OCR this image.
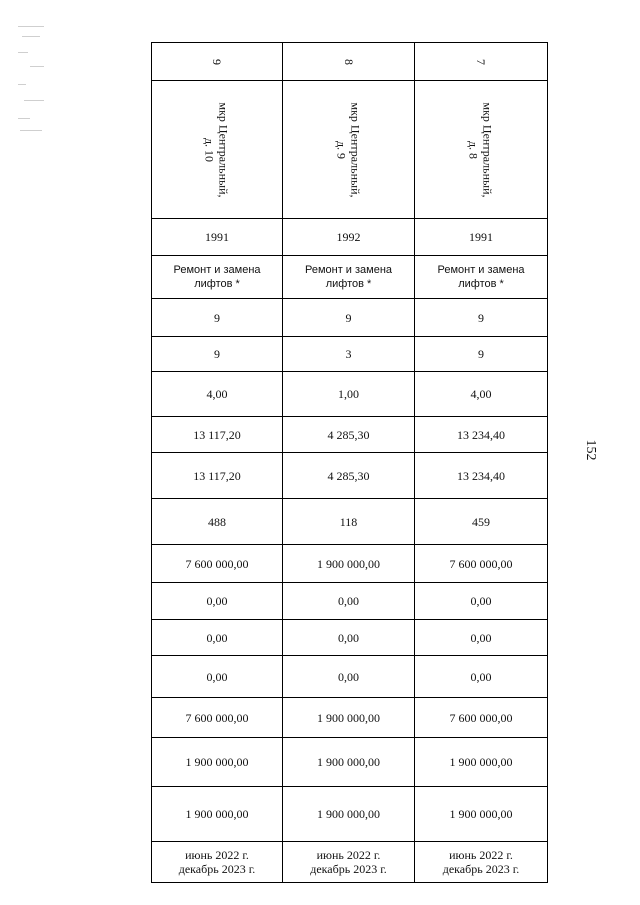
152
9	8	7

мкр Центральный,
д. 10	мкр Центральный,
д. 9	мкр Центральный,
д. 8

1991	1992	1991
Ремонт и замена
лифтов *	Ремонт и замена
лифтов *	Ремонт и замена
лифтов *
9	9	9
9	3	9
4,00	1,00	4,00
13 117,20	4 285,30	13 234,40
13 117,20	4 285,30	13 234,40
488	118	459
7 600 000,00	1 900 000,00	7 600 000,00
0,00	0,00	0,00
0,00	0,00	0,00
0,00	0,00	0,00
7 600 000,00	1 900 000,00	7 600 000,00
1 900 000,00	1 900 000,00	1 900 000,00
1 900 000,00	1 900 000,00	1 900 000,00
июнь 2022 г.
декабрь 2023 г.	июнь 2022 г.
декабрь 2023 г.	июнь 2022 г.
декабрь 2023 г.
